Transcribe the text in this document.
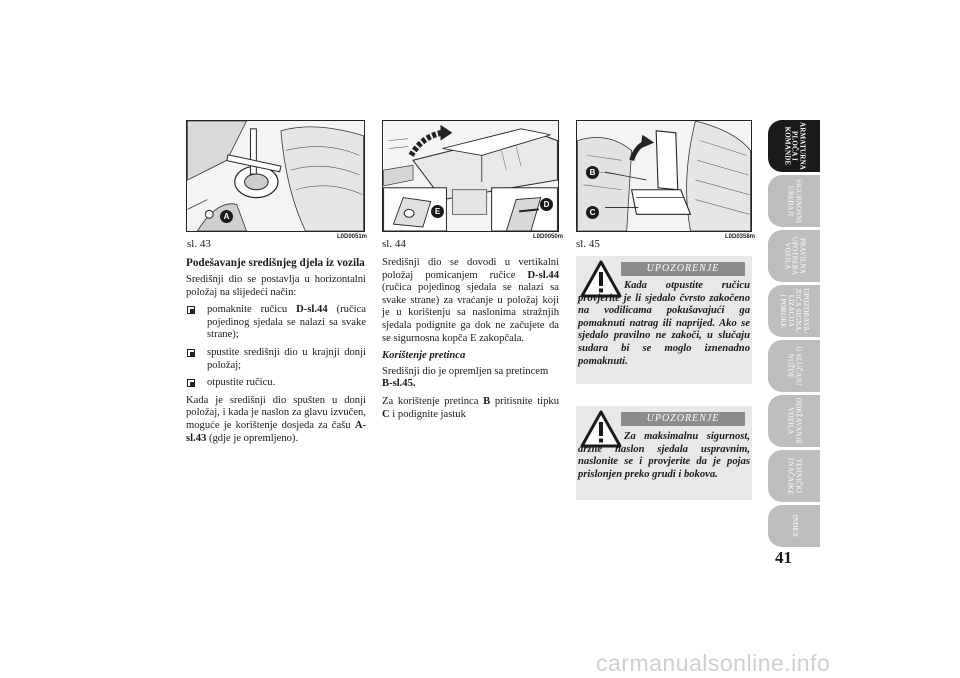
A
L0D0051m
sl. 43
E
D
L0D0050m
sl. 44
B
C
L0D0358m
sl. 45
Podešavanje središnjeg djela iz vozila

Središnji dio se postavlja u horizontalni položaj na slijedeći način:

pomaknite ručicu D-sl.44 (ručica pojedinog sjedala se nalazi sa svake strane);
spustite središnji dio u krajnji donji položaj;
otpustite ručicu.

Kada je središnji dio spušten u donji položaj, i kada je naslon za glavu izvučen, moguće je korištenje dosjeda za čašu A-sl.43 (gdje je opremljeno).

Središnji dio se dovodi u vertikalni položaj pomicanjem ručice D-sl.44 (ručica pojedinog sjedala se nalazi sa svake strane) za vraćanje u položaj koji je u korištenju sa naslonima stražnjih sjedala podignite ga dok ne začujete da se sigurnosna kopča E zakopčala.

Korištenje pretinca

Središnji dio je opremljen sa pretincem
B-sl.45.

Za korištenje pretinca B pritisnite tipku C i podignite jastuk

UPOZORENJE
Kada otpustite ručicu provjerite je li sjedalo čvrsto zakočeno na vodilicama pokušavajući ga pomaknuti natrag ili naprijed. Ako se sjedalo pravilno ne zakoči, u slučaju sudara bi se moglo iznenadno pomaknuti.
UPOZORENJE
Za maksimalnu sigurnost, držite naslon sjedala uspravnim, naslonite se i provjerite da je pojas prislonjen preko grudi i bokova.
ARMATURNA
PLOČA I
KOMANDE
SIGURNOSNI
UREĐAJI
PRAVILNA
UPOTREBA
VOZILA
UPOZORAVA-
JUĆA SIGNA-
LIZACIJA
I PORUKE
U SLUČAJU
NUŽDE
ODRŽAVANJE
VOZILA
TEHNIČKI
ZNAČAJKE
INDEX
41
carmanualsonline.info
